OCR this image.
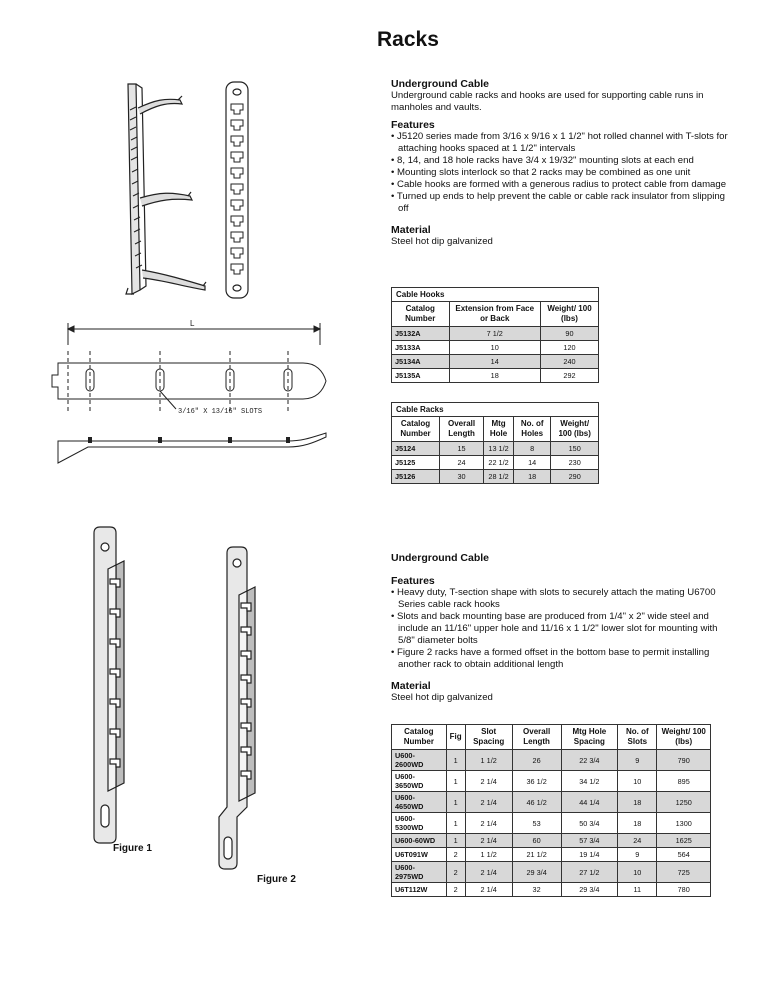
Racks
Underground Cable
Underground cable racks and hooks are used for supporting cable runs in manholes and vaults.
Features
• J5120 series made from 3/16 x 9/16 x 1 1/2" hot rolled channel with T-slots for attaching hooks spaced at 1 1/2" intervals
• 8, 14, and 18 hole racks have 3/4 x 19/32" mounting slots at each end
• Mounting slots interlock so that 2 racks may be combined as one unit
• Cable hooks are formed with a generous radius to protect cable from damage
• Turned up ends to help prevent the cable or cable rack insulator from slipping off
Material
Steel hot dip galvanized
Cable Hooks
Catalog Number	Extension from Face or Back	Weight/ 100 (lbs)
J5132A	7 1/2	90
J5133A	10	120
J5134A	14	240
J5135A	18	292
Cable Racks
Catalog Number	Overall Length	Mtg Hole	No. of Holes	Weight/ 100 (lbs)
J5124	15	13 1/2	8	150
J5125	24	22 1/2	14	230
J5126	30	28 1/2	18	290
Underground Cable
Features
• Heavy duty, T-section shape with slots to securely attach the mating U6700 Series cable rack hooks
• Slots and back mounting base are produced from 1/4" x 2" wide steel and include an 11/16" upper hole and 11/16 x 1 1/2" lower slot for mounting with 5/8" diameter bolts
• Figure 2 racks have a formed offset in the bottom base to permit installing another rack to obtain additional length
Material
Steel hot dip galvanized
Catalog Number	Fig	Slot Spacing	Overall Length	Mtg Hole Spacing	No. of Slots	Weight/ 100 (lbs)
U600-2600WD	1	1 1/2	26	22 3/4	9	790
U600-3650WD	1	2 1/4	36 1/2	34 1/2	10	895
U600-4650WD	1	2 1/4	46 1/2	44 1/4	18	1250
U600-5300WD	1	2 1/4	53	50 3/4	18	1300
U600-60WD	1	2 1/4	60	57 3/4	24	1625
U6T091W	2	1 1/2	21 1/2	19 1/4	9	564
U600-2975WD	2	2 1/4	29 3/4	27 1/2	10	725
U6T112W	2	2 1/4	32	29 3/4	11	780
L
3/16" X 13/16" SLOTS
Figure 1
Figure 2
